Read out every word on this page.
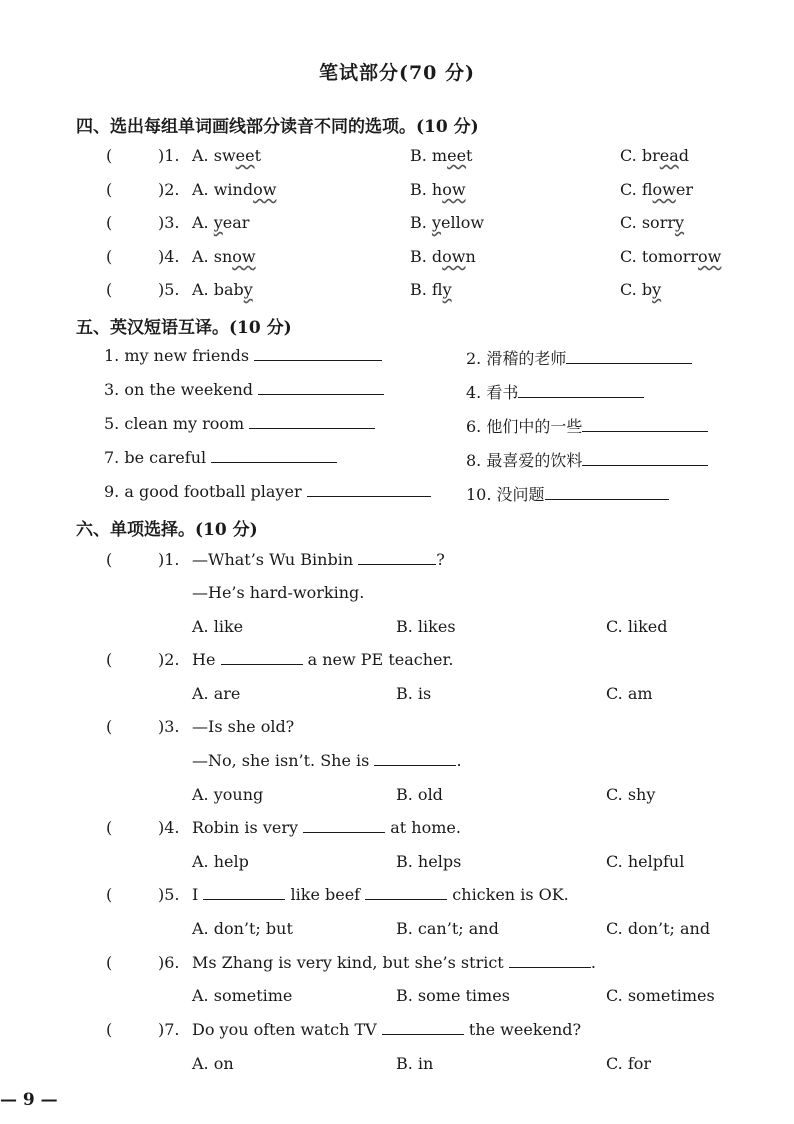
笔试部分(70 分)
四、选出每组单词画线部分读音不同的选项。(10 分)
(	)1. A. sweet	B. meet	C. bread
(	)2. A. window	B. how	C. flower
(	)3. A. year	B. yellow	C. sorry
(	)4. A. snow	B. down	C. tomorrow
(	)5. A. baby	B. fly	C. by
五、英汉短语互译。(10 分)
1. my new friends	2. 滑稽的老师
3. on the weekend	4. 看书
5. clean my room	6. 他们中的一些
7. be careful	8. 最喜爱的饮料
9. a good football player	10. 没问题
六、单项选择。(10 分)
(	)1. —What’s Wu Binbin	?
—He’s hard-working.
A. like	B. likes	C. liked
(	)2. He	a new PE teacher.
A. are	B. is	C. am
(	)3. —Is she old?
—No, she isn’t. She is	.
A. young	B. old	C. shy
(	)4. Robin is very	at home.
A. help	B. helps	C. helpful
(	)5. I	like beef	chicken is OK.
A. don’t; but	B. can’t; and	C. don’t; and
(	)6. Ms Zhang is very kind, but she’s strict	.
A. sometime	B. some times	C. sometimes
(	)7. Do you often watch TV	the weekend?
A. on	B. in	C. for
— 9 —
